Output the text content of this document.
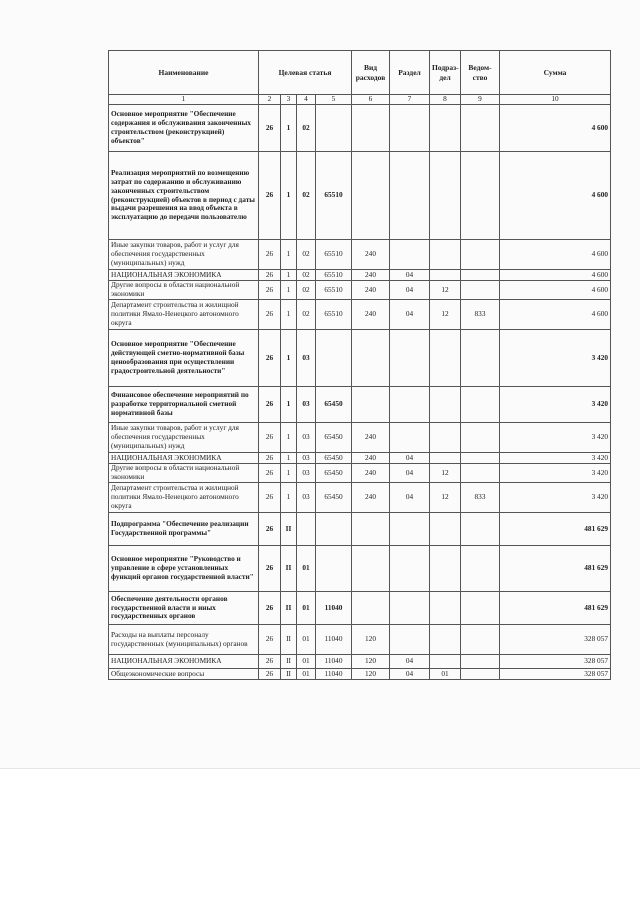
Наименование	Целевая статья				Вид расходов	Раздел	Подраз-дел	Ведом-ство	Сумма
1	2	3	4	5	6	7	8	9	10
Основное мероприятие "Обеспечение содержания и обслуживания законченных строительством (реконструкцией) объектов"	26	1	02						4 600
Реализация мероприятий по возмещению затрат по содержанию и обслуживанию законченных строительством (реконструкцией) объектов в период с даты выдачи разрешения на ввод объекта в эксплуатацию до передачи пользователю	26	1	02	65510					4 600
Иные закупки товаров, работ и услуг для обеспечения государственных (муниципальных) нужд	26	1	02	65510	240				4 600
НАЦИОНАЛЬНАЯ ЭКОНОМИКА	26	1	02	65510	240	04			4 600
Другие вопросы в области национальной экономики	26	1	02	65510	240	04	12		4 600
Департамент строительства и жилищной политики Ямало-Ненецкого автономного округа	26	1	02	65510	240	04	12	833	4 600
Основное мероприятие "Обеспечение действующей сметно-нормативной базы ценообразования при осуществлении градостроительной деятельности"	26	1	03						3 420
Финансовое обеспечение мероприятий по разработке территориальной сметной нормативной базы	26	1	03	65450					3 420
Иные закупки товаров, работ и услуг для обеспечения государственных (муниципальных) нужд	26	1	03	65450	240				3 420
НАЦИОНАЛЬНАЯ ЭКОНОМИКА	26	1	03	65450	240	04			3 420
Другие вопросы в области национальной экономики	26	1	03	65450	240	04	12		3 420
Департамент строительства и жилищной политики Ямало-Ненецкого автономного округа	26	1	03	65450	240	04	12	833	3 420
Подпрограмма "Обеспечение реализации Государственной программы"	26	II							481 629
Основное мероприятие "Руководство и управление в сфере установленных функций органов государственной власти"	26	II	01						481 629
Обеспечение деятельности органов государственной власти и иных государственных органов	26	II	01	11040					481 629
Расходы на выплаты персоналу государственных (муниципальных) органов	26	II	01	11040	120				328 057
НАЦИОНАЛЬНАЯ ЭКОНОМИКА	26	II	01	11040	120	04			328 057
Общеэкономические вопросы	26	II	01	11040	120	04	01		328 057
